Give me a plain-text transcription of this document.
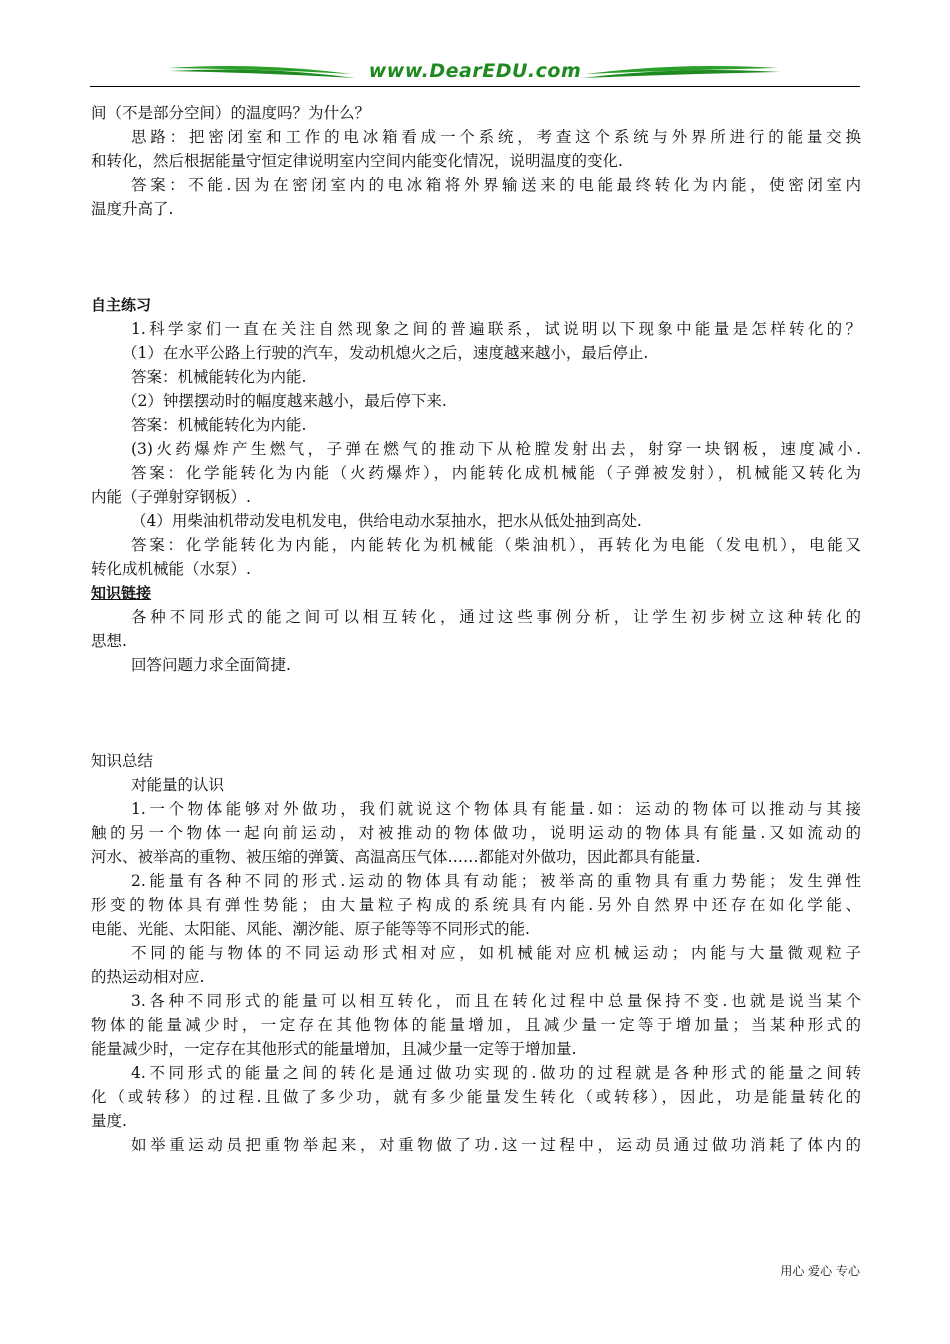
www.DearEDU.com
间（不是部分空间）的温度吗？为什么？
思路：把密闭室和工作的电冰箱看成一个系统，考查这个系统与外界所进行的能量交换
和转化，然后根据能量守恒定律说明室内空间内能变化情况，说明温度的变化.
答案：不能.因为在密闭室内的电冰箱将外界输送来的电能最终转化为内能，使密闭室内
温度升高了.
自主练习
1.科学家们一直在关注自然现象之间的普遍联系，试说明以下现象中能量是怎样转化的？
（1）在水平公路上行驶的汽车，发动机熄火之后，速度越来越小，最后停止.
答案：机械能转化为内能.
（2）钟摆摆动时的幅度越来越小，最后停下来.
答案：机械能转化为内能.
(3)火药爆炸产生燃气，子弹在燃气的推动下从枪膛发射出去，射穿一块钢板，速度减小.
答案：化学能转化为内能（火药爆炸），内能转化成机械能（子弹被发射），机械能又转化为
内能（子弹射穿钢板）.
（4）用柴油机带动发电机发电，供给电动水泵抽水，把水从低处抽到高处.
答案：化学能转化为内能，内能转化为机械能（柴油机），再转化为电能（发电机），电能又
转化成机械能（水泵）.
知识链接
各种不同形式的能之间可以相互转化，通过这些事例分析，让学生初步树立这种转化的
思想.
回答问题力求全面简捷.
知识总结
对能量的认识
1.一个物体能够对外做功，我们就说这个物体具有能量.如：运动的物体可以推动与其接
触的另一个物体一起向前运动，对被推动的物体做功，说明运动的物体具有能量.又如流动的
河水、被举高的重物、被压缩的弹簧、高温高压气体……都能对外做功，因此都具有能量.
2.能量有各种不同的形式.运动的物体具有动能；被举高的重物具有重力势能；发生弹性
形变的物体具有弹性势能；由大量粒子构成的系统具有内能.另外自然界中还存在如化学能、
电能、光能、太阳能、风能、潮汐能、原子能等等不同形式的能.
不同的能与物体的不同运动形式相对应，如机械能对应机械运动；内能与大量微观粒子
的热运动相对应.
3.各种不同形式的能量可以相互转化，而且在转化过程中总量保持不变.也就是说当某个
物体的能量减少时，一定存在其他物体的能量增加，且减少量一定等于增加量；当某种形式的
能量减少时，一定存在其他形式的能量增加，且减少量一定等于增加量.
4.不同形式的能量之间的转化是通过做功实现的.做功的过程就是各种形式的能量之间转
化（或转移）的过程.且做了多少功，就有多少能量发生转化（或转移），因此，功是能量转化的
量度.
如举重运动员把重物举起来，对重物做了功.这一过程中，运动员通过做功消耗了体内的
用心 爱心 专心
